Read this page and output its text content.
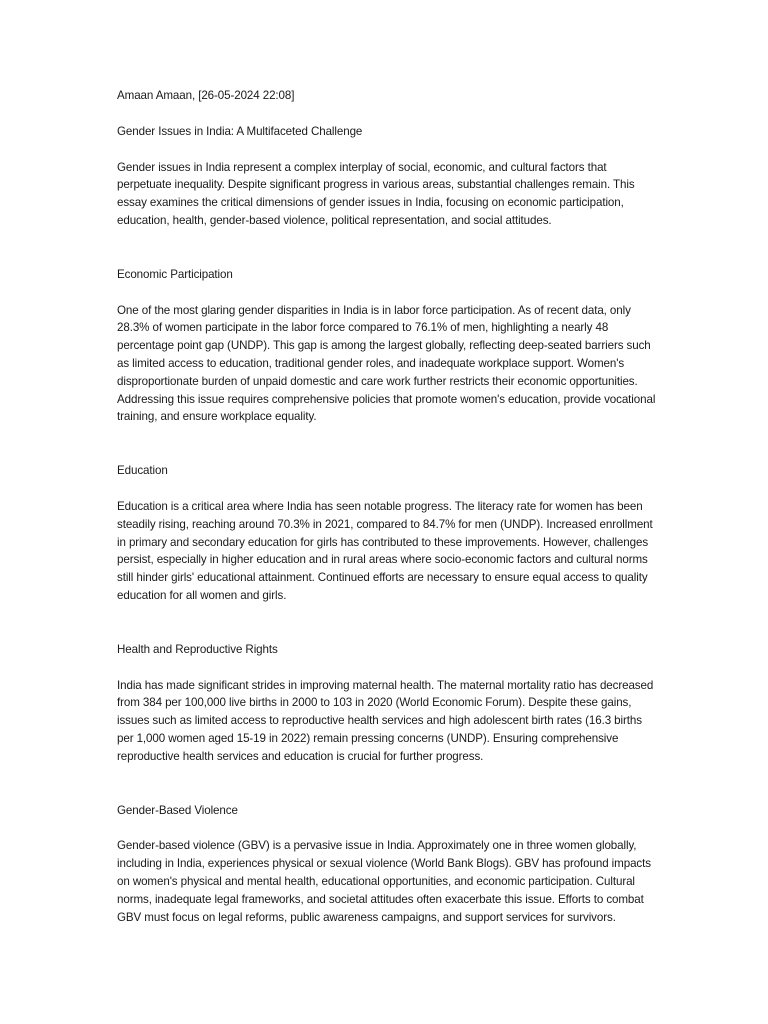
Amaan Amaan, [26-05-2024 22:08]

Gender Issues in India: A Multifaceted Challenge

Gender issues in India represent a complex interplay of social, economic, and cultural factors that perpetuate inequality. Despite significant progress in various areas, substantial challenges remain. This essay examines the critical dimensions of gender issues in India, focusing on economic participation, education, health, gender-based violence, political representation, and social attitudes.

Economic Participation

One of the most glaring gender disparities in India is in labor force participation. As of recent data, only 28.3% of women participate in the labor force compared to 76.1% of men, highlighting a nearly 48 percentage point gap (UNDP). This gap is among the largest globally, reflecting deep-seated barriers such as limited access to education, traditional gender roles, and inadequate workplace support. Women's disproportionate burden of unpaid domestic and care work further restricts their economic opportunities. Addressing this issue requires comprehensive policies that promote women's education, provide vocational training, and ensure workplace equality.

Education

Education is a critical area where India has seen notable progress. The literacy rate for women has been steadily rising, reaching around 70.3% in 2021, compared to 84.7% for men (UNDP). Increased enrollment in primary and secondary education for girls has contributed to these improvements. However, challenges persist, especially in higher education and in rural areas where socio-economic factors and cultural norms still hinder girls' educational attainment. Continued efforts are necessary to ensure equal access to quality education for all women and girls.

Health and Reproductive Rights

India has made significant strides in improving maternal health. The maternal mortality ratio has decreased from 384 per 100,000 live births in 2000 to 103 in 2020 (World Economic Forum). Despite these gains, issues such as limited access to reproductive health services and high adolescent birth rates (16.3 births per 1,000 women aged 15-19 in 2022) remain pressing concerns (UNDP). Ensuring comprehensive reproductive health services and education is crucial for further progress.

Gender-Based Violence

Gender-based violence (GBV) is a pervasive issue in India. Approximately one in three women globally, including in India, experiences physical or sexual violence (World Bank Blogs). GBV has profound impacts on women's physical and mental health, educational opportunities, and economic participation. Cultural norms, inadequate legal frameworks, and societal attitudes often exacerbate this issue. Efforts to combat GBV must focus on legal reforms, public awareness campaigns, and support services for survivors.
